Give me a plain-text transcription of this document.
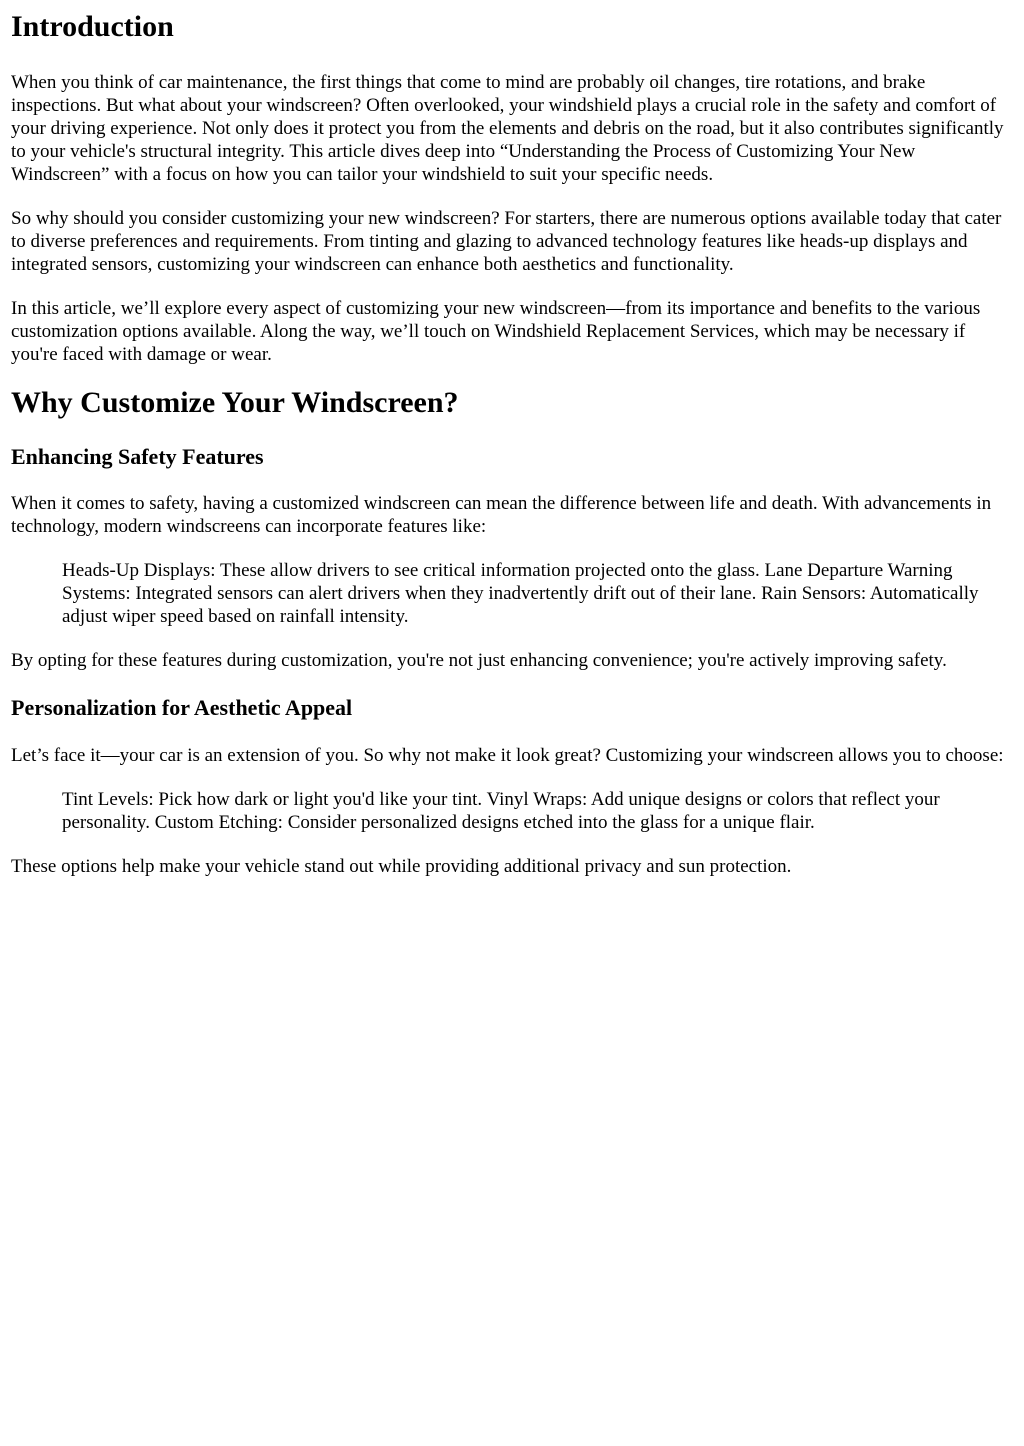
Introduction

When you think of car maintenance, the first things that come to mind are probably oil changes, tire rotations, and brake inspections. But what about your windscreen? Often overlooked, your windshield plays a crucial role in the safety and comfort of your driving experience. Not only does it protect you from the elements and debris on the road, but it also contributes significantly to your vehicle's structural integrity. This article dives deep into “Understanding the Process of Customizing Your New Windscreen” with a focus on how you can tailor your windshield to suit your specific needs.

So why should you consider customizing your new windscreen? For starters, there are numerous options available today that cater to diverse preferences and requirements. From tinting and glazing to advanced technology features like heads-up displays and integrated sensors, customizing your windscreen can enhance both aesthetics and functionality.

In this article, we’ll explore every aspect of customizing your new windscreen—from its importance and benefits to the various customization options available. Along the way, we’ll touch on Windshield Replacement Services, which may be necessary if you're faced with damage or wear.

Why Customize Your Windscreen?
Enhancing Safety Features

When it comes to safety, having a customized windscreen can mean the difference between life and death. With advancements in technology, modern windscreens can incorporate features like:

Heads-Up Displays: These allow drivers to see critical information projected onto the glass. Lane Departure Warning Systems: Integrated sensors can alert drivers when they inadvertently drift out of their lane. Rain Sensors: Automatically adjust wiper speed based on rainfall intensity.

By opting for these features during customization, you're not just enhancing convenience; you're actively improving safety.

Personalization for Aesthetic Appeal

Let’s face it—your car is an extension of you. So why not make it look great? Customizing your windscreen allows you to choose:

Tint Levels: Pick how dark or light you'd like your tint. Vinyl Wraps: Add unique designs or colors that reflect your personality. Custom Etching: Consider personalized designs etched into the glass for a unique flair.

These options help make your vehicle stand out while providing additional privacy and sun protection.
